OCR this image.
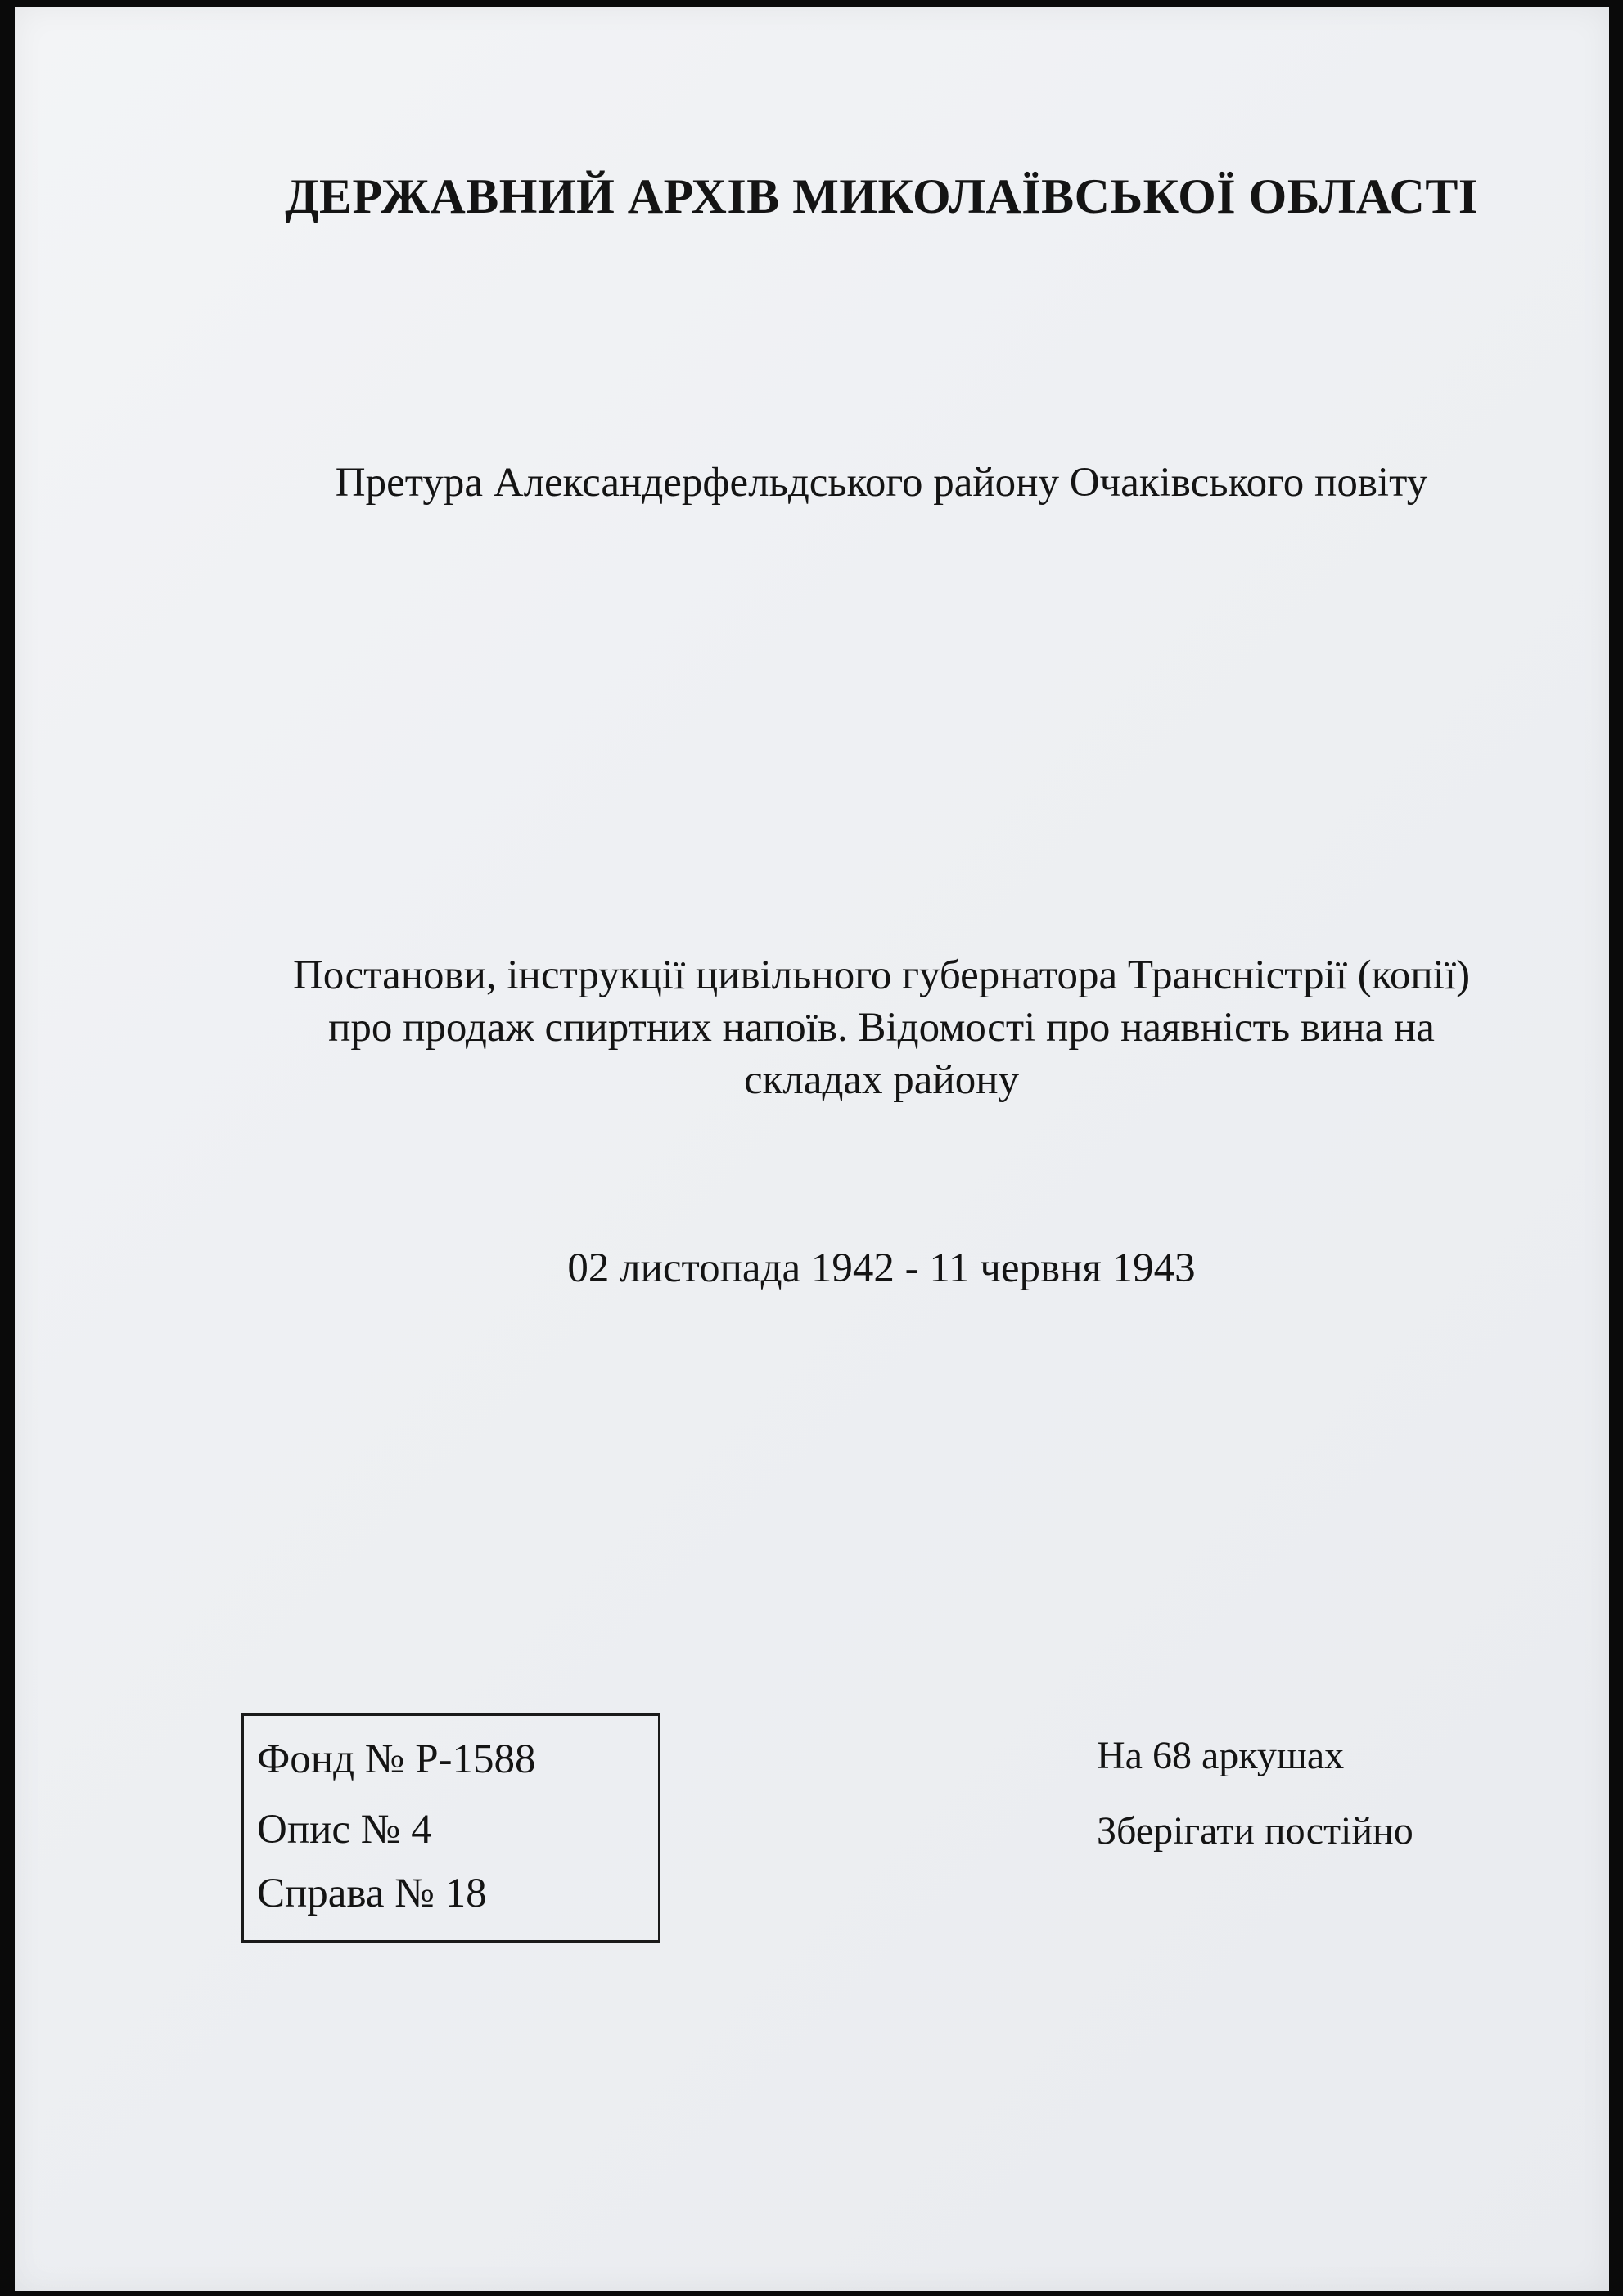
ДЕРЖАВНИЙ АРХІВ МИКОЛАЇВСЬКОЇ ОБЛАСТІ
Претура Александерфельдського району Очаківського повіту
Постанови, інструкції цивільного губернатора Трансністрії (копії)
про продаж спиртних напоїв. Відомості про наявність вина на
складах району
02 листопада 1942 - 11 червня 1943
Фонд № Р-1588
Опис № 4
Справа № 18
На 68 аркушах
Зберігати постійно
